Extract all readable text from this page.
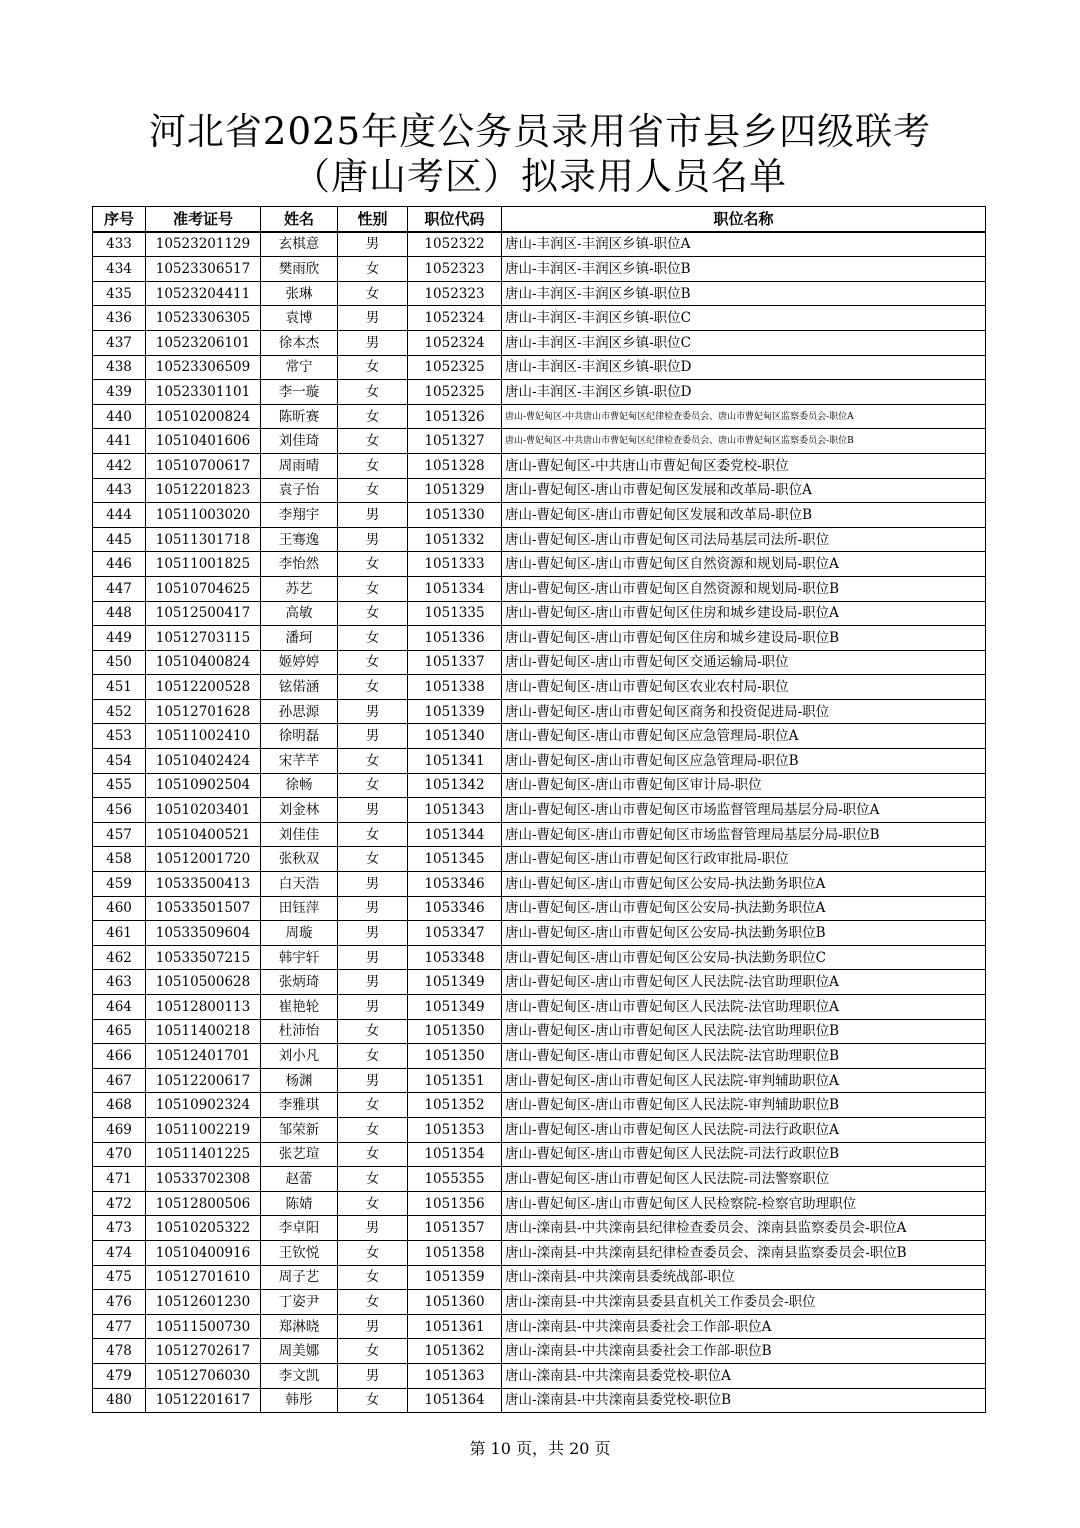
河北省2025年度公务员录用省市县乡四级联考
（唐山考区）拟录用人员名单
序号	准考证号	姓名	性别	职位代码	职位名称
433	10523201129	玄棋意	男	1052322	唐山-丰润区-丰润区乡镇-职位A
434	10523306517	樊雨欣	女	1052323	唐山-丰润区-丰润区乡镇-职位B
435	10523204411	张琳	女	1052323	唐山-丰润区-丰润区乡镇-职位B
436	10523306305	袁博	男	1052324	唐山-丰润区-丰润区乡镇-职位C
437	10523206101	徐本杰	男	1052324	唐山-丰润区-丰润区乡镇-职位C
438	10523306509	常宁	女	1052325	唐山-丰润区-丰润区乡镇-职位D
439	10523301101	李一璇	女	1052325	唐山-丰润区-丰润区乡镇-职位D
440	10510200824	陈昕赛	女	1051326	唐山-曹妃甸区-中共唐山市曹妃甸区纪律检查委员会、唐山市曹妃甸区监察委员会-职位A
441	10510401606	刘佳琦	女	1051327	唐山-曹妃甸区-中共唐山市曹妃甸区纪律检查委员会、唐山市曹妃甸区监察委员会-职位B
442	10510700617	周雨晴	女	1051328	唐山-曹妃甸区-中共唐山市曹妃甸区委党校-职位
443	10512201823	袁子怡	女	1051329	唐山-曹妃甸区-唐山市曹妃甸区发展和改革局-职位A
444	10511003020	李翔宇	男	1051330	唐山-曹妃甸区-唐山市曹妃甸区发展和改革局-职位B
445	10511301718	王骞逸	男	1051332	唐山-曹妃甸区-唐山市曹妃甸区司法局基层司法所-职位
446	10511001825	李怡然	女	1051333	唐山-曹妃甸区-唐山市曹妃甸区自然资源和规划局-职位A
447	10510704625	苏艺	女	1051334	唐山-曹妃甸区-唐山市曹妃甸区自然资源和规划局-职位B
448	10512500417	高敏	女	1051335	唐山-曹妃甸区-唐山市曹妃甸区住房和城乡建设局-职位A
449	10512703115	潘珂	女	1051336	唐山-曹妃甸区-唐山市曹妃甸区住房和城乡建设局-职位B
450	10510400824	姬婷婷	女	1051337	唐山-曹妃甸区-唐山市曹妃甸区交通运输局-职位
451	10512200528	铉偌涵	女	1051338	唐山-曹妃甸区-唐山市曹妃甸区农业农村局-职位
452	10512701628	孙思源	男	1051339	唐山-曹妃甸区-唐山市曹妃甸区商务和投资促进局-职位
453	10511002410	徐明磊	男	1051340	唐山-曹妃甸区-唐山市曹妃甸区应急管理局-职位A
454	10510402424	宋芊芊	女	1051341	唐山-曹妃甸区-唐山市曹妃甸区应急管理局-职位B
455	10510902504	徐畅	女	1051342	唐山-曹妃甸区-唐山市曹妃甸区审计局-职位
456	10510203401	刘金林	男	1051343	唐山-曹妃甸区-唐山市曹妃甸区市场监督管理局基层分局-职位A
457	10510400521	刘佳佳	女	1051344	唐山-曹妃甸区-唐山市曹妃甸区市场监督管理局基层分局-职位B
458	10512001720	张秋双	女	1051345	唐山-曹妃甸区-唐山市曹妃甸区行政审批局-职位
459	10533500413	白天浩	男	1053346	唐山-曹妃甸区-唐山市曹妃甸区公安局-执法勤务职位A
460	10533501507	田钰萍	男	1053346	唐山-曹妃甸区-唐山市曹妃甸区公安局-执法勤务职位A
461	10533509604	周璇	男	1053347	唐山-曹妃甸区-唐山市曹妃甸区公安局-执法勤务职位B
462	10533507215	韩宇轩	男	1053348	唐山-曹妃甸区-唐山市曹妃甸区公安局-执法勤务职位C
463	10510500628	张炳琦	男	1051349	唐山-曹妃甸区-唐山市曹妃甸区人民法院-法官助理职位A
464	10512800113	崔艳轮	男	1051349	唐山-曹妃甸区-唐山市曹妃甸区人民法院-法官助理职位A
465	10511400218	杜沛怡	女	1051350	唐山-曹妃甸区-唐山市曹妃甸区人民法院-法官助理职位B
466	10512401701	刘小凡	女	1051350	唐山-曹妃甸区-唐山市曹妃甸区人民法院-法官助理职位B
467	10512200617	杨渊	男	1051351	唐山-曹妃甸区-唐山市曹妃甸区人民法院-审判辅助职位A
468	10510902324	李雅琪	女	1051352	唐山-曹妃甸区-唐山市曹妃甸区人民法院-审判辅助职位B
469	10511002219	邹荣新	女	1051353	唐山-曹妃甸区-唐山市曹妃甸区人民法院-司法行政职位A
470	10511401225	张艺瑄	女	1051354	唐山-曹妃甸区-唐山市曹妃甸区人民法院-司法行政职位B
471	10533702308	赵蕾	女	1055355	唐山-曹妃甸区-唐山市曹妃甸区人民法院-司法警察职位
472	10512800506	陈婧	女	1051356	唐山-曹妃甸区-唐山市曹妃甸区人民检察院-检察官助理职位
473	10510205322	李卓阳	男	1051357	唐山-滦南县-中共滦南县纪律检查委员会、滦南县监察委员会-职位A
474	10510400916	王钦悦	女	1051358	唐山-滦南县-中共滦南县纪律检查委员会、滦南县监察委员会-职位B
475	10512701610	周子艺	女	1051359	唐山-滦南县-中共滦南县委统战部-职位
476	10512601230	丁姿尹	女	1051360	唐山-滦南县-中共滦南县委县直机关工作委员会-职位
477	10511500730	郑淋晓	男	1051361	唐山-滦南县-中共滦南县委社会工作部-职位A
478	10512702617	周美娜	女	1051362	唐山-滦南县-中共滦南县委社会工作部-职位B
479	10512706030	李文凯	男	1051363	唐山-滦南县-中共滦南县委党校-职位A
480	10512201617	韩彤	女	1051364	唐山-滦南县-中共滦南县委党校-职位B
第 10 页，共 20 页
